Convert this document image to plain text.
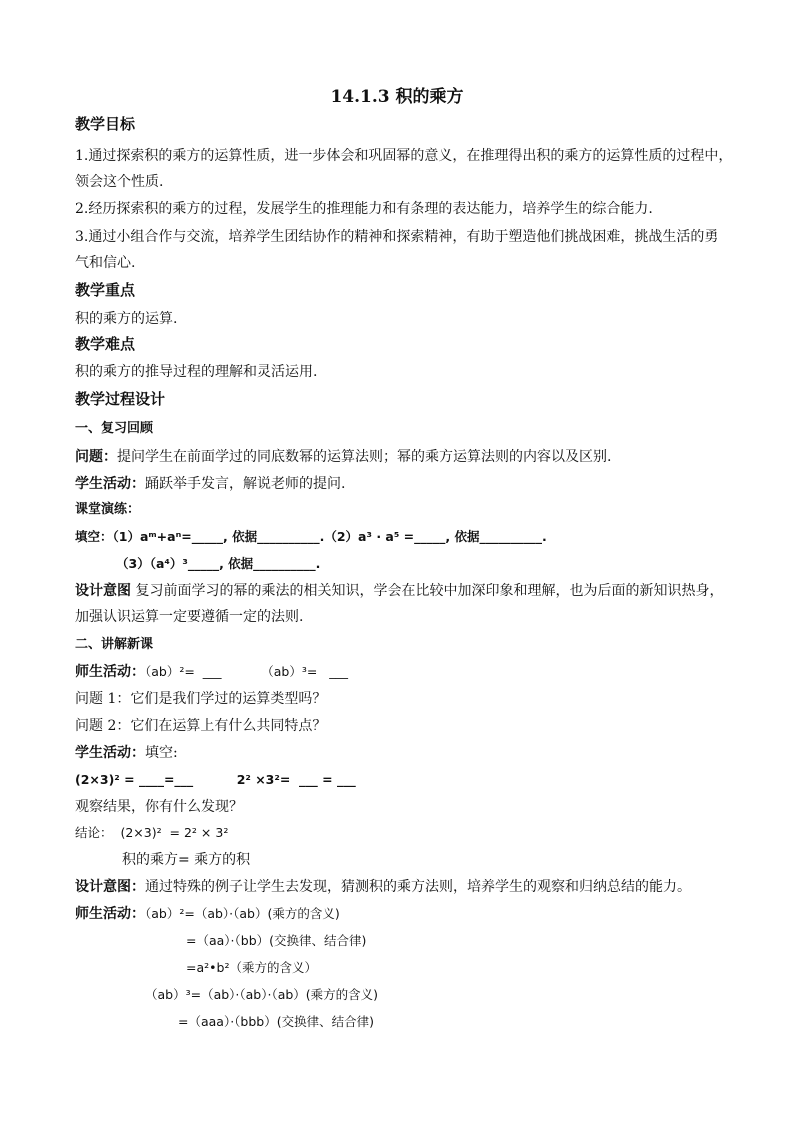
14.1.3 积的乘方
教学目标
1.通过探索积的乘方的运算性质，进一步体会和巩固幂的意义，在推理得出积的乘方的运算性质的过程中，
领会这个性质.
2.经历探索积的乘方的过程，发展学生的推理能力和有条理的表达能力，培养学生的综合能力.
3.通过小组合作与交流，培养学生团结协作的精神和探索精神，有助于塑造他们挑战困难，挑战生活的勇
气和信心.
教学重点
积的乘方的运算.
教学难点
积的乘方的推导过程的理解和灵活运用.
教学过程设计
一、复习回顾
问题：提问学生在前面学过的同底数幂的运算法则；幂的乘方运算法则的内容以及区别.
学生活动：踊跃举手发言，解说老师的提问.
课堂演练：
填空：（1）aᵐ+aⁿ=_____, 依据__________.（2）a³ · a⁵ =_____, 依据__________.
（3）（a⁴）³_____, 依据__________.
设计意图 复习前面学习的幂的乘法的相关知识，学会在比较中加深印象和理解，也为后面的新知识热身，
加强认识运算一定要遵循一定的法则.
二、讲解新课
师生活动：（ab）²=  ___          （ab）³=   ___
问题 1：它们是我们学过的运算类型吗？
问题 2：它们在运算上有什么共同特点？
学生活动：填空:
(2×3)² = ____=___          2² ×3²=  ___ = ___
观察结果，你有什么发现？
结论：  (2×3)²  = 2² × 3²
积的乘方= 乘方的积
设计意图：通过特殊的例子让学生去发现，猜测积的乘方法则，培养学生的观察和归纳总结的能力。
师生活动：（ab）²=（ab）·（ab）(乘方的含义)
=（aa）·（bb）(交换律、结合律)
=a²•b²（乘方的含义）
（ab）³=（ab）·（ab）·（ab）(乘方的含义)
=（aaa）·（bbb）(交换律、结合律)
